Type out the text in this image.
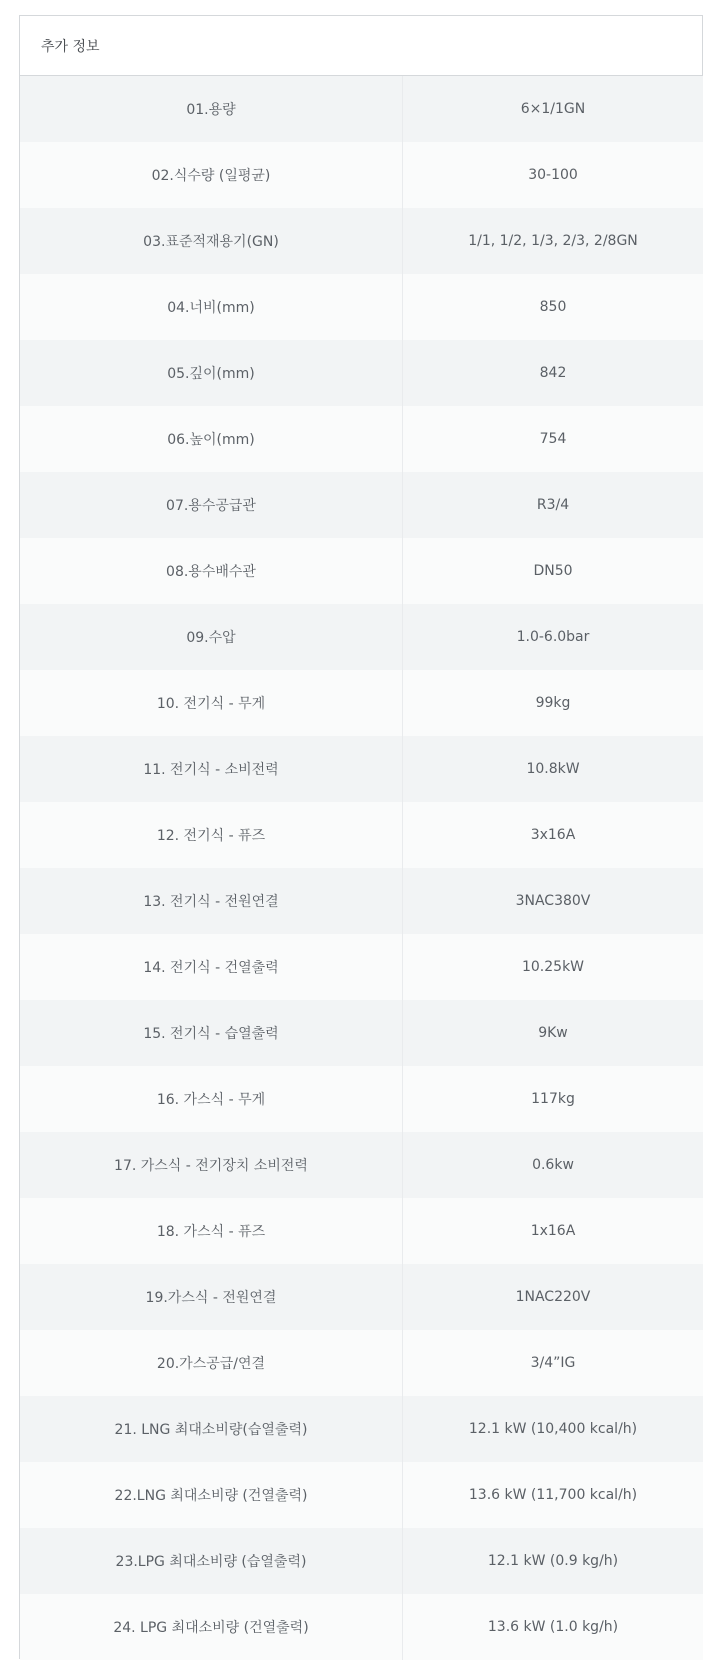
추가 정보
01.용량	6×1/1GN
02.식수량 (일평균)	30-100
03.표준적재용기(GN)	1/1, 1/2, 1/3, 2/3, 2/8GN
04.너비(mm)	850
05.깊이(mm)	842
06.높이(mm)	754
07.용수공급관	R3/4
08.용수배수관	DN50
09.수압	1.0-6.0bar
10. 전기식 - 무게	99kg
11. 전기식 - 소비전력	10.8kW
12. 전기식 - 퓨즈	3x16A
13. 전기식 - 전원연결	3NAC380V
14. 전기식 - 건열출력	10.25kW
15. 전기식 - 습열출력	9Kw
16. 가스식 - 무게	117kg
17. 가스식 - 전기장치 소비전력	0.6kw
18. 가스식 - 퓨즈	1x16A
19.가스식 - 전원연결	1NAC220V
20.가스공급/연결	3/4”IG
21. LNG 최대소비량(습열출력)	12.1 kW (10,400 kcal/h)
22.LNG 최대소비량 (건열출력)	13.6 kW (11,700 kcal/h)
23.LPG 최대소비량 (습열출력)	12.1 kW (0.9 kg/h)
24. LPG 최대소비량 (건열출력)	13.6 kW (1.0 kg/h)
